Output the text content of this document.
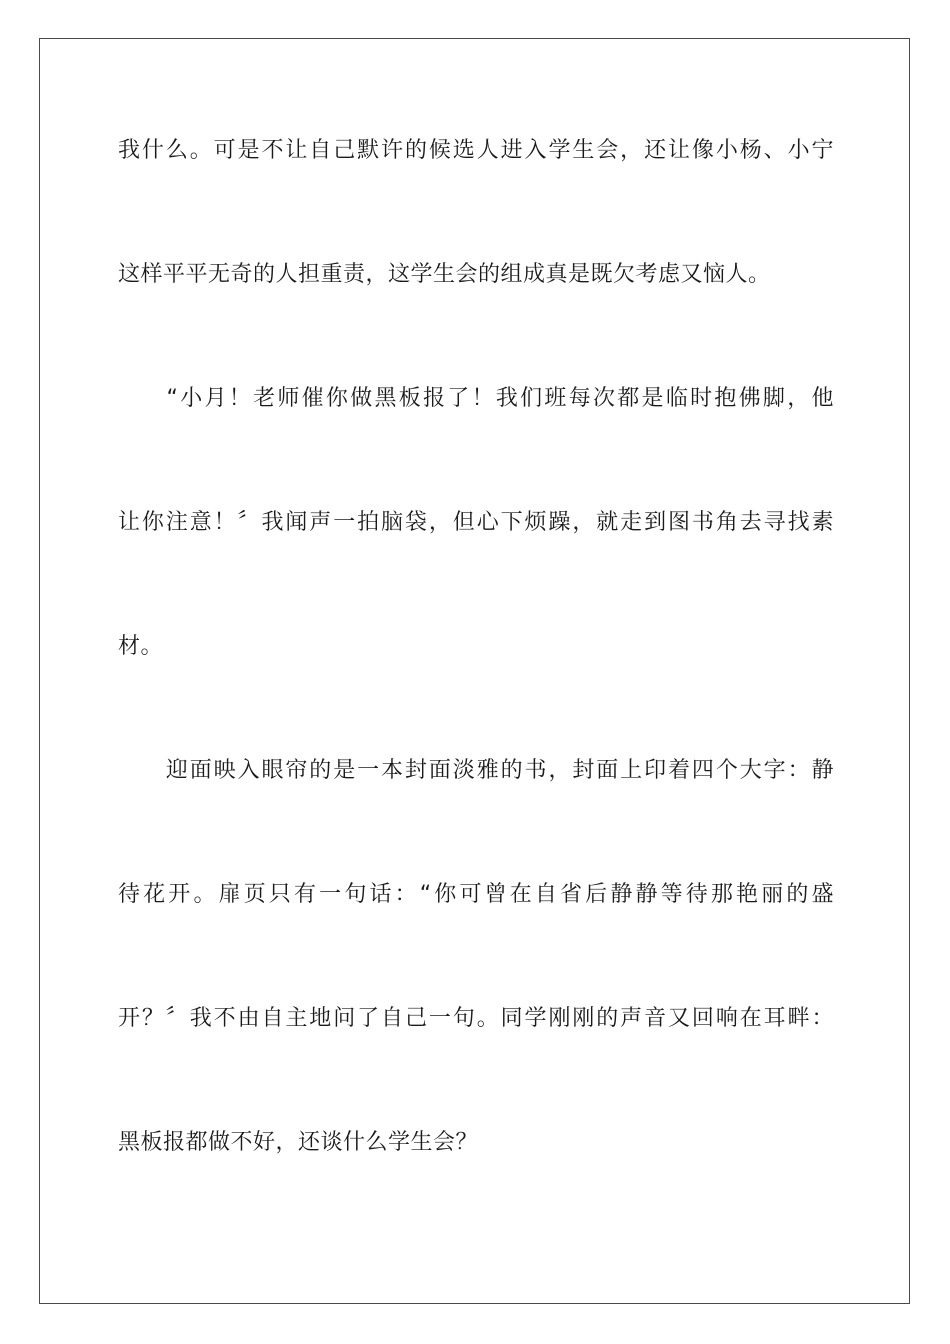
我什么。可是不让自己默许的候选人进入学生会，还让像小杨、小宁
这样平平无奇的人担重责，这学生会的组成真是既欠考虑又恼人。
　　“小月！老师催你做黑板报了！我们班每次都是临时抱佛脚，他
让你注意！〞我闻声一拍脑袋，但心下烦躁，就走到图书角去寻找素
材。
　　迎面映入眼帘的是一本封面淡雅的书，封面上印着四个大字：静
待花开。扉页只有一句话：“你可曾在自省后静静等待那艳丽的盛
开？〞我不由自主地问了自己一句。同学刚刚的声音又回响在耳畔：
黑板报都做不好，还谈什么学生会？
